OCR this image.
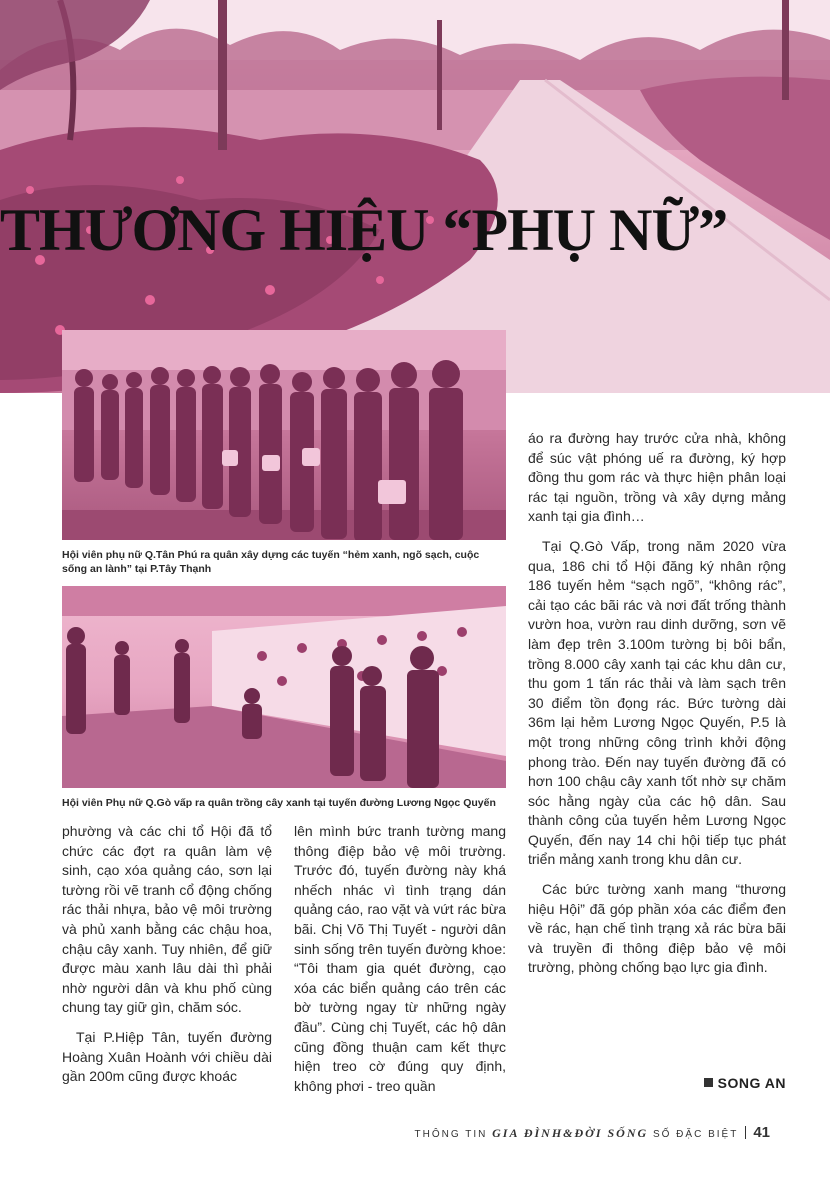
THƯƠNG HIỆU “PHỤ NỮ”

Hội viên phụ nữ Q.Tân Phú ra quân xây dựng các tuyến “hẻm xanh, ngõ sạch, cuộc sống an lành” tại P.Tây Thạnh

Hội viên Phụ nữ Q.Gò vấp ra quân trồng cây xanh tại tuyến đường Lương Ngọc Quyến

áo ra đường hay trước cửa nhà, không để súc vật phóng uế ra đường, ký hợp đồng thu gom rác và thực hiện phân loại rác tại nguồn, trồng và xây dựng mảng xanh tại gia đình…

Tại Q.Gò Vấp, trong năm 2020 vừa qua, 186 chi tổ Hội đăng ký nhân rộng 186 tuyến hẻm “sạch ngõ”, “không rác”, cải tạo các bãi rác và nơi đất trống thành vườn hoa, vườn rau dinh dưỡng, sơn vẽ làm đẹp trên 3.100m tường bị bôi bẩn, trồng 8.000 cây xanh tại các khu dân cư, thu gom 1 tấn rác thải và làm sạch trên 30 điểm tồn đọng rác. Bức tường dài 36m lại hẻm Lương Ngọc Quyến, P.5 là một trong những công trình khởi động phong trào. Đến nay tuyến đường đã có hơn 100 chậu cây xanh tốt nhờ sự chăm sóc hằng ngày của các hộ dân. Sau thành công của tuyến hẻm Lương Ngọc Quyến, đến nay 14 chi hội tiếp tục phát triển mảng xanh trong khu dân cư.

Các bức tường xanh mang “thương hiệu Hội” đã góp phần xóa các điểm đen về rác, hạn chế tình trạng xả rác bừa bãi và truyền đi thông điệp bảo vệ môi trường, phòng chống bạo lực gia đình.

phường và các chi tổ Hội đã tổ chức các đợt ra quân làm vệ sinh, cạo xóa quảng cáo, sơn lại tường rồi vẽ tranh cổ động chống rác thải nhựa, bảo vệ môi trường và phủ xanh bằng các chậu hoa, chậu cây xanh. Tuy nhiên, để giữ được màu xanh lâu dài thì phải nhờ người dân và khu phố cùng chung tay giữ gìn, chăm sóc.

Tại P.Hiệp Tân, tuyến đường Hoàng Xuân Hoành với chiều dài gần 200m cũng được khoác

lên mình bức tranh tường mang thông điệp bảo vệ môi trường. Trước đó, tuyến đường này khá nhếch nhác vì tình trạng dán quảng cáo, rao vặt và vứt rác bừa bãi. Chị Võ Thị Tuyết - người dân sinh sống trên tuyến đường khoe: “Tôi tham gia quét đường, cạo xóa các biển quảng cáo trên các bờ tường ngay từ những ngày đầu”. Cùng chị Tuyết, các hộ dân cũng đồng thuận cam kết thực hiện treo cờ đúng quy định, không phơi - treo quần	SONG AN
THÔNG TIN GIA ĐÌNH&ĐỜI SỐNG SỐ ĐẶC BIỆT 41
